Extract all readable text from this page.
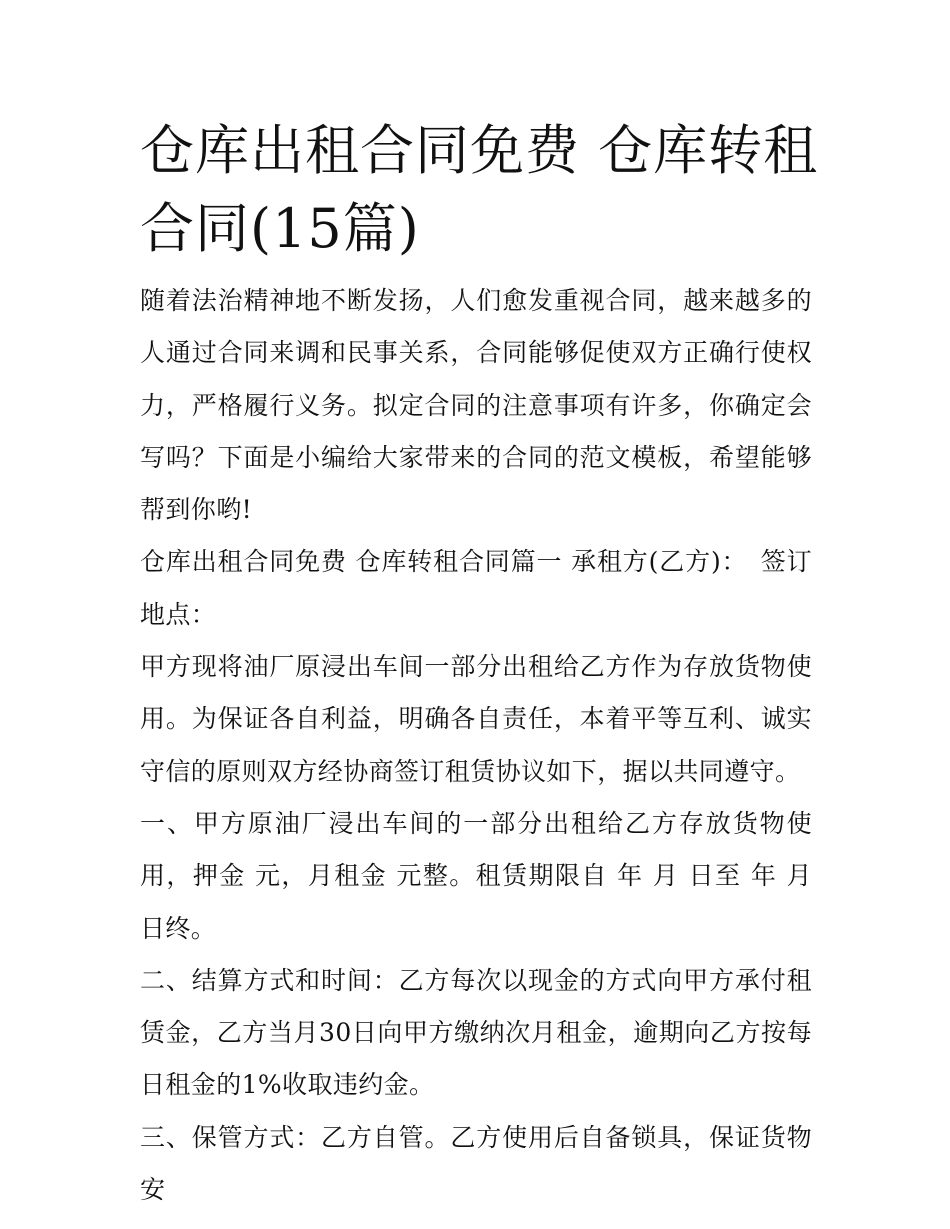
仓库出租合同免费 仓库转租合同(15篇)

随着法治精神地不断发扬，人们愈发重视合同，越来越多的人通过合同来调和民事关系，合同能够促使双方正确行使权力，严格履行义务。拟定合同的注意事项有许多，你确定会写吗？下面是小编给大家带来的合同的范文模板，希望能够帮到你哟!

仓库出租合同免费 仓库转租合同篇一 承租方(乙方)：　签订地点：

甲方现将油厂原浸出车间一部分出租给乙方作为存放货物使用。为保证各自利益，明确各自责任，本着平等互利、诚实守信的原则双方经协商签订租赁协议如下，据以共同遵守。

一、甲方原油厂浸出车间的一部分出租给乙方存放货物使用，押金 元，月租金 元整。租赁期限自 年 月 日至 年 月 日终。

二、结算方式和时间：乙方每次以现金的方式向甲方承付租赁金，乙方当月30日向甲方缴纳次月租金，逾期向乙方按每日租金的1%收取违约金。

三、保管方式：乙方自管。乙方使用后自备锁具，保证货物安
